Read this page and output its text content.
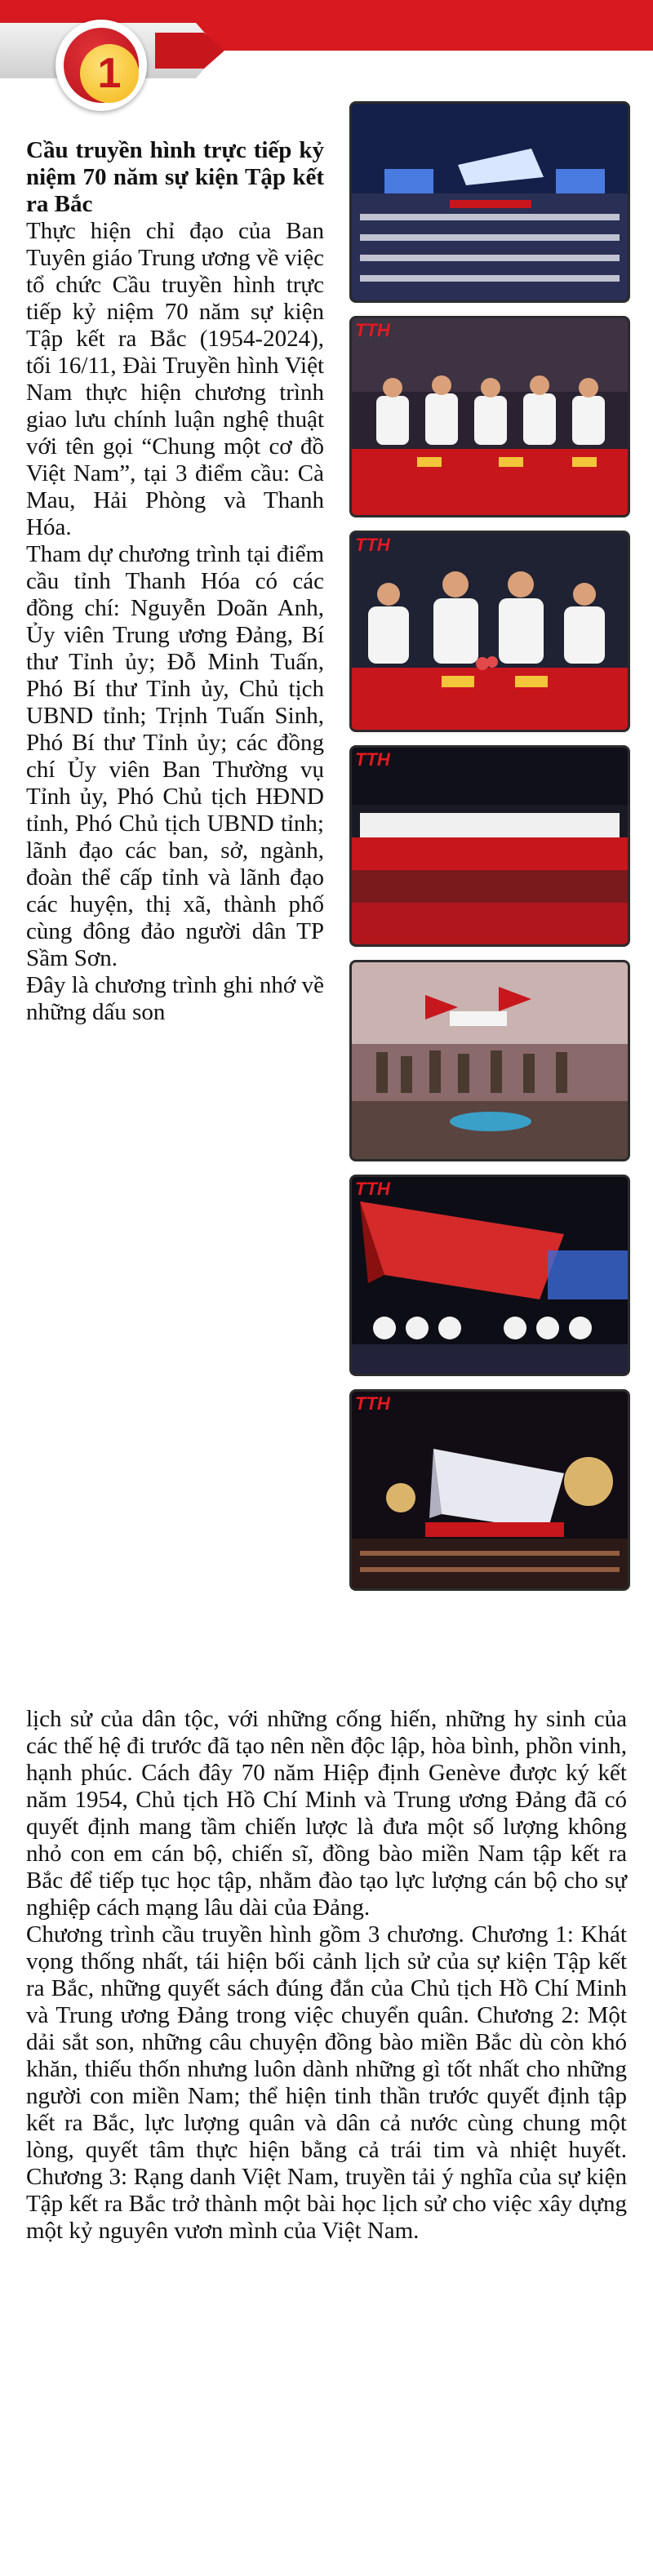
1

Cầu truyền hình trực tiếp kỷ niệm 70 năm sự kiện Tập kết ra Bắc

Thực hiện chỉ đạo của Ban Tuyên giáo Trung ương về việc tổ chức Cầu truyền hình trực tiếp kỷ niệm 70 năm sự kiện Tập kết ra Bắc (1954-2024), tối 16/11, Đài Truyền hình Việt Nam thực hiện chương trình giao lưu chính luận nghệ thuật với tên gọi “Chung một cơ đồ Việt Nam”, tại 3 điểm cầu: Cà Mau, Hải Phòng và Thanh Hóa.

Tham dự chương trình tại điểm cầu tỉnh Thanh Hóa có các đồng chí: Nguyễn Doãn Anh, Ủy viên Trung ương Đảng, Bí thư Tỉnh ủy; Đỗ Minh Tuấn, Phó Bí thư Tỉnh ủy, Chủ tịch UBND tỉnh; Trịnh Tuấn Sinh, Phó Bí thư Tỉnh ủy; các đồng chí Ủy viên Ban Thường vụ Tỉnh ủy, Phó Chủ tịch HĐND tỉnh, Phó Chủ tịch UBND tỉnh; lãnh đạo các ban, sở, ngành, đoàn thể cấp tỉnh và lãnh đạo các huyện, thị xã, thành phố cùng đông đảo người dân TP Sầm Sơn.

Đây là chương trình ghi nhớ về những dấu son

lịch sử của dân tộc, với những cống hiến, những hy sinh của các thế hệ đi trước đã tạo nên nền độc lập, hòa bình, phồn vinh, hạnh phúc. Cách đây 70 năm Hiệp định Genève được ký kết năm 1954, Chủ tịch Hồ Chí Minh và Trung ương Đảng đã có quyết định mang tầm chiến lược là đưa một số lượng không nhỏ con em cán bộ, chiến sĩ, đồng bào miền Nam tập kết ra Bắc để tiếp tục học tập, nhằm đào tạo lực lượng cán bộ cho sự nghiệp cách mạng lâu dài của Đảng.

Chương trình cầu truyền hình gồm 3 chương. Chương 1: Khát vọng thống nhất, tái hiện bối cảnh lịch sử của sự kiện Tập kết ra Bắc, những quyết sách đúng đắn của Chủ tịch Hồ Chí Minh và Trung ương Đảng trong việc chuyển quân. Chương 2: Một dải sắt son, những câu chuyện đồng bào miền Bắc dù còn khó khăn, thiếu thốn nhưng luôn dành những gì tốt nhất cho những người con miền Nam; thể hiện tinh thần trước quyết định tập kết ra Bắc, lực lượng quân và dân cả nước cùng chung một lòng, quyết tâm thực hiện bằng cả trái tim và nhiệt huyết. Chương 3: Rạng danh Việt Nam, truyền tải ý nghĩa của sự kiện Tập kết ra Bắc trở thành một bài học lịch sử cho việc xây dựng một kỷ nguyên vươn mình của Việt Nam.

TTH
TTH
TTH
TTH
TTH
